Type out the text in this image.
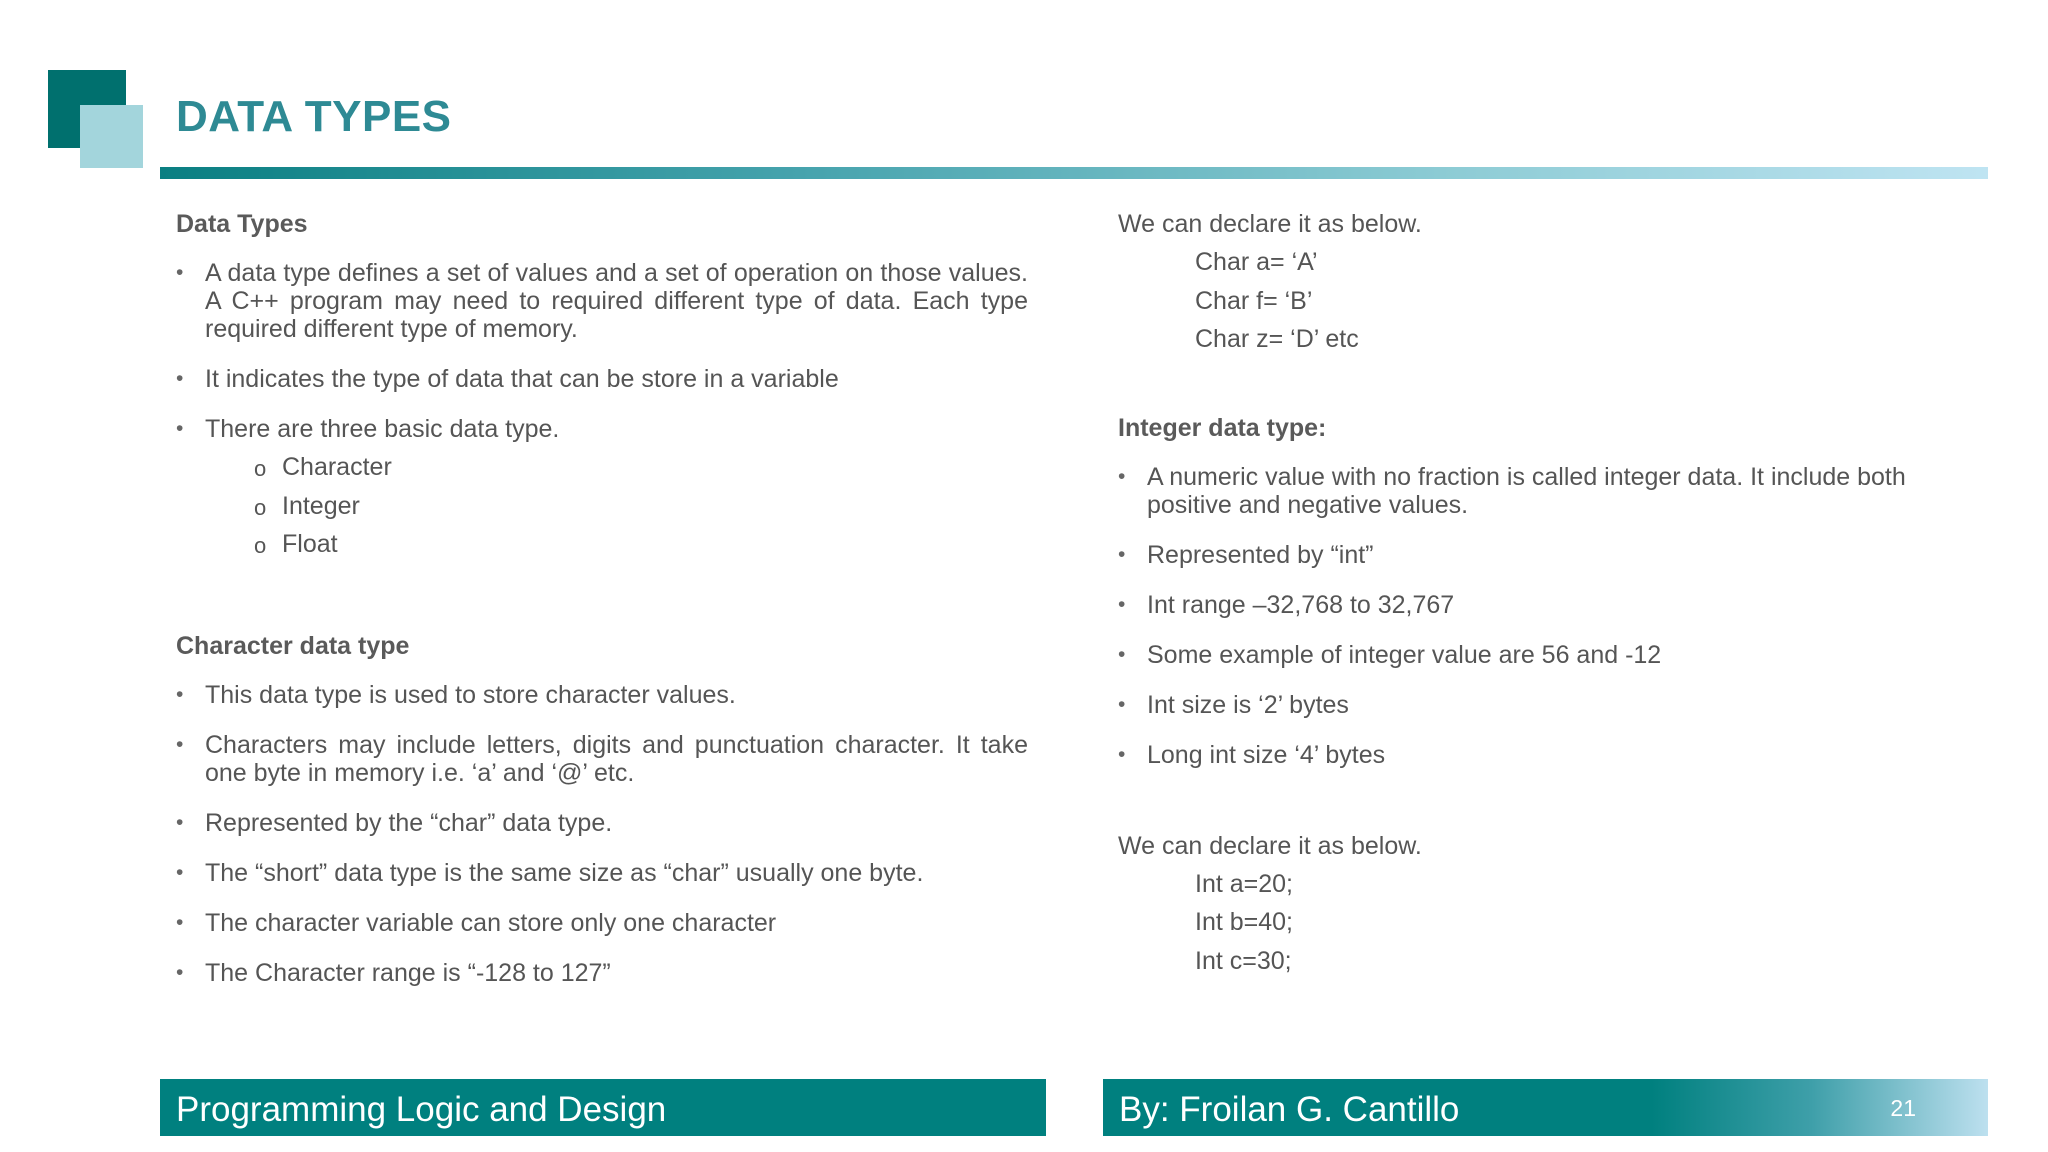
DATA TYPES

Data Types

• A data type defines a set of values and a set of operation on those values. A C++ program may need to required different type of data. Each type required different type of memory.
• It indicates the type of data that can be store in a variable
• There are three basic data type.
o Character
o Integer
o Float

Character data type

• This data type is used to store character values.
• Characters may include letters, digits and punctuation character. It take one byte in memory i.e. ‘a’ and ‘@’ etc.
• Represented by the “char” data type.
• The “short” data type is the same size as “char” usually one byte.
• The character variable can store only one character
• The Character range is “-128 to 127”

We can declare it as below.

Char a= ‘A’

Char f= ‘B’

Char z= ‘D’ etc

Integer data type:

• A numeric value with no fraction is called integer data. It include both positive and negative values.
• Represented by “int”
• Int range –32,768 to 32,767
• Some example of integer value are 56 and -12
• Int size is ‘2’ bytes
• Long int size ‘4’ bytes

We can declare it as below.

Int a=20;

Int b=40;

Int c=30;

Programming Logic and Design	By: Froilan G. Cantillo	21
